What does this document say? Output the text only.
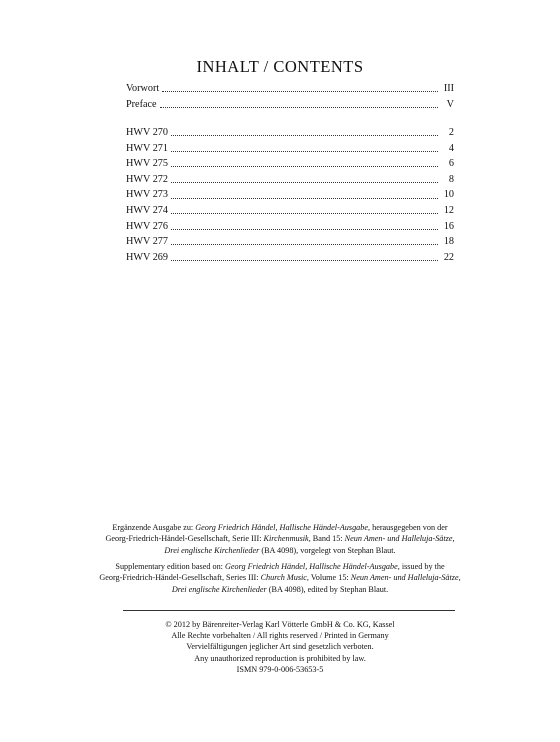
INHALT / CONTENTS
Vorwort	III
Preface	V
HWV 270	2
HWV 271	4
HWV 275	6
HWV 272	8
HWV 273	10
HWV 274	12
HWV 276	16
HWV 277	18
HWV 269	22
Ergänzende Ausgabe zu: Georg Friedrich Händel, Hallische Händel-Ausgabe, herausgegeben von der
Georg-Friedrich-Händel-Gesellschaft, Serie III: Kirchenmusik, Band 15: Neun Amen- und Halleluja-Sätze,
Drei englische Kirchenlieder (BA 4098), vorgelegt von Stephan Blaut.
Supplementary edition based on: Georg Friedrich Händel, Hallische Händel-Ausgabe, issued by the
Georg-Friedrich-Händel-Gesellschaft, Series III: Church Music, Volume 15: Neun Amen- und Halleluja-Sätze,
Drei englische Kirchenlieder (BA 4098), edited by Stephan Blaut.
© 2012 by Bärenreiter-Verlag Karl Vötterle GmbH & Co. KG, Kassel
Alle Rechte vorbehalten / All rights reserved / Printed in Germany
Vervielfältigungen jeglicher Art sind gesetzlich verboten.
Any unauthorized reproduction is prohibited by law.
ISMN 979-0-006-53653-5
